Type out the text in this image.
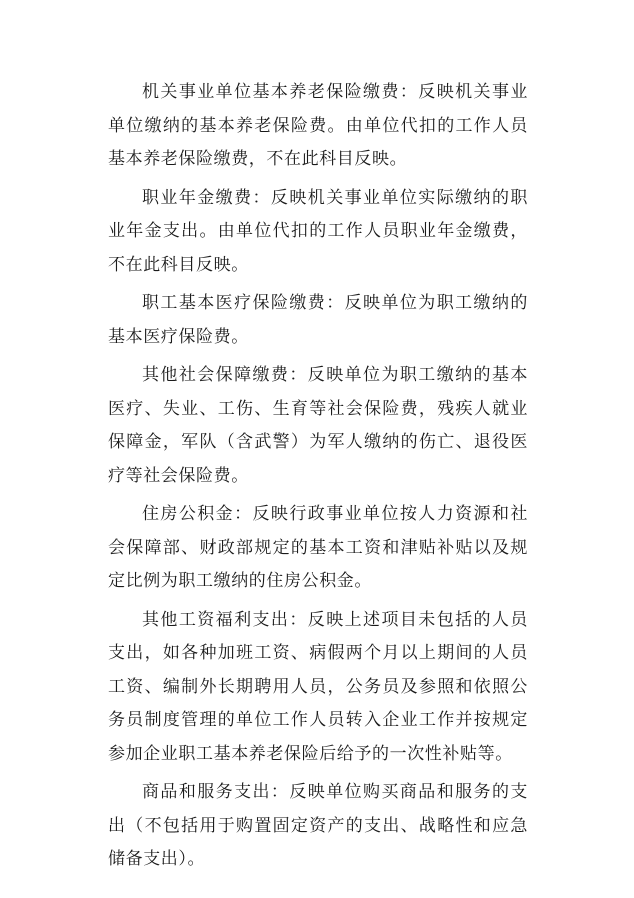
机关事业单位基本养老保险缴费：反映机关事业单位缴纳的基本养老保险费。由单位代扣的工作人员基本养老保险缴费，不在此科目反映。

职业年金缴费：反映机关事业单位实际缴纳的职业年金支出。由单位代扣的工作人员职业年金缴费，不在此科目反映。

职工基本医疗保险缴费：反映单位为职工缴纳的基本医疗保险费。

其他社会保障缴费：反映单位为职工缴纳的基本医疗、失业、工伤、生育等社会保险费，残疾人就业保障金，军队（含武警）为军人缴纳的伤亡、退役医疗等社会保险费。

住房公积金：反映行政事业单位按人力资源和社会保障部、财政部规定的基本工资和津贴补贴以及规定比例为职工缴纳的住房公积金。

其他工资福利支出：反映上述项目未包括的人员支出，如各种加班工资、病假两个月以上期间的人员工资、编制外长期聘用人员，公务员及参照和依照公务员制度管理的单位工作人员转入企业工作并按规定参加企业职工基本养老保险后给予的一次性补贴等。

商品和服务支出：反映单位购买商品和服务的支出（不包括用于购置固定资产的支出、战略性和应急储备支出）。
